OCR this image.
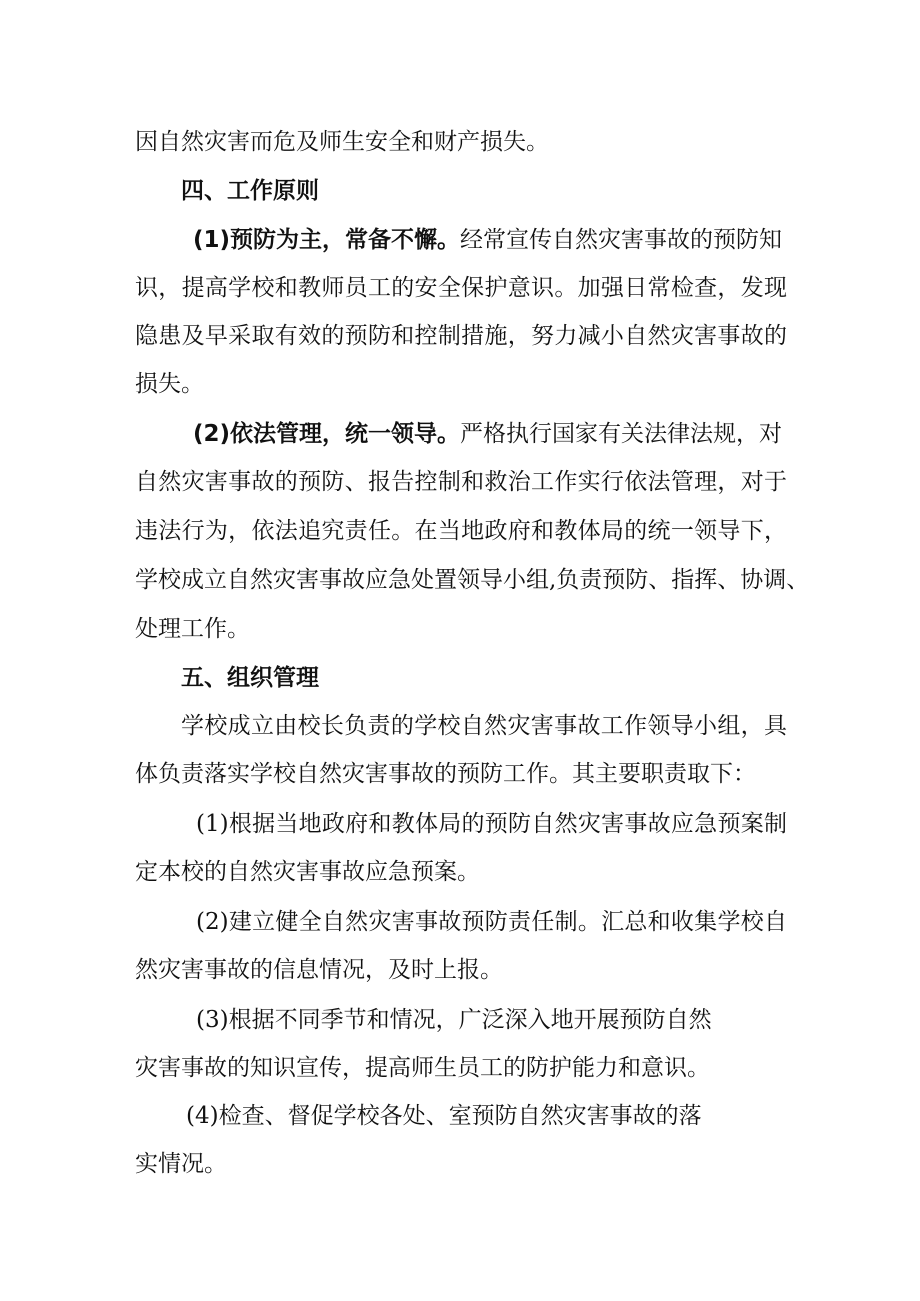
因自然灾害而危及师生安全和财产损失。

四、工作原则

(1)预防为主，常备不懈。经常宣传自然灾害事故的预防知

识，提高学校和教师员工的安全保护意识。加强日常检查，发现

隐患及早采取有效的预防和控制措施，努力减小自然灾害事故的

损失。

(2)依法管理，统一领导。严格执行国家有关法律法规，对

自然灾害事故的预防、报告控制和救治工作实行依法管理，对于

违法行为，依法追究责任。在当地政府和教体局的统一领导下，

学校成立自然灾害事故应急处置领导小组,负责预防、指挥、协调、

处理工作。

五、组织管理

学校成立由校长负责的学校自然灾害事故工作领导小组，具

体负责落实学校自然灾害事故的预防工作。其主要职责取下：

(1)根据当地政府和教体局的预防自然灾害事故应急预案制

定本校的自然灾害事故应急预案。

(2)建立健全自然灾害事故预防责任制。汇总和收集学校自

然灾害事故的信息情况，及时上报。

(3)根据不同季节和情况，广泛深入地开展预防自然

灾害事故的知识宣传，提高师生员工的防护能力和意识。

(4)检查、督促学校各处、室预防自然灾害事故的落

实情况。
